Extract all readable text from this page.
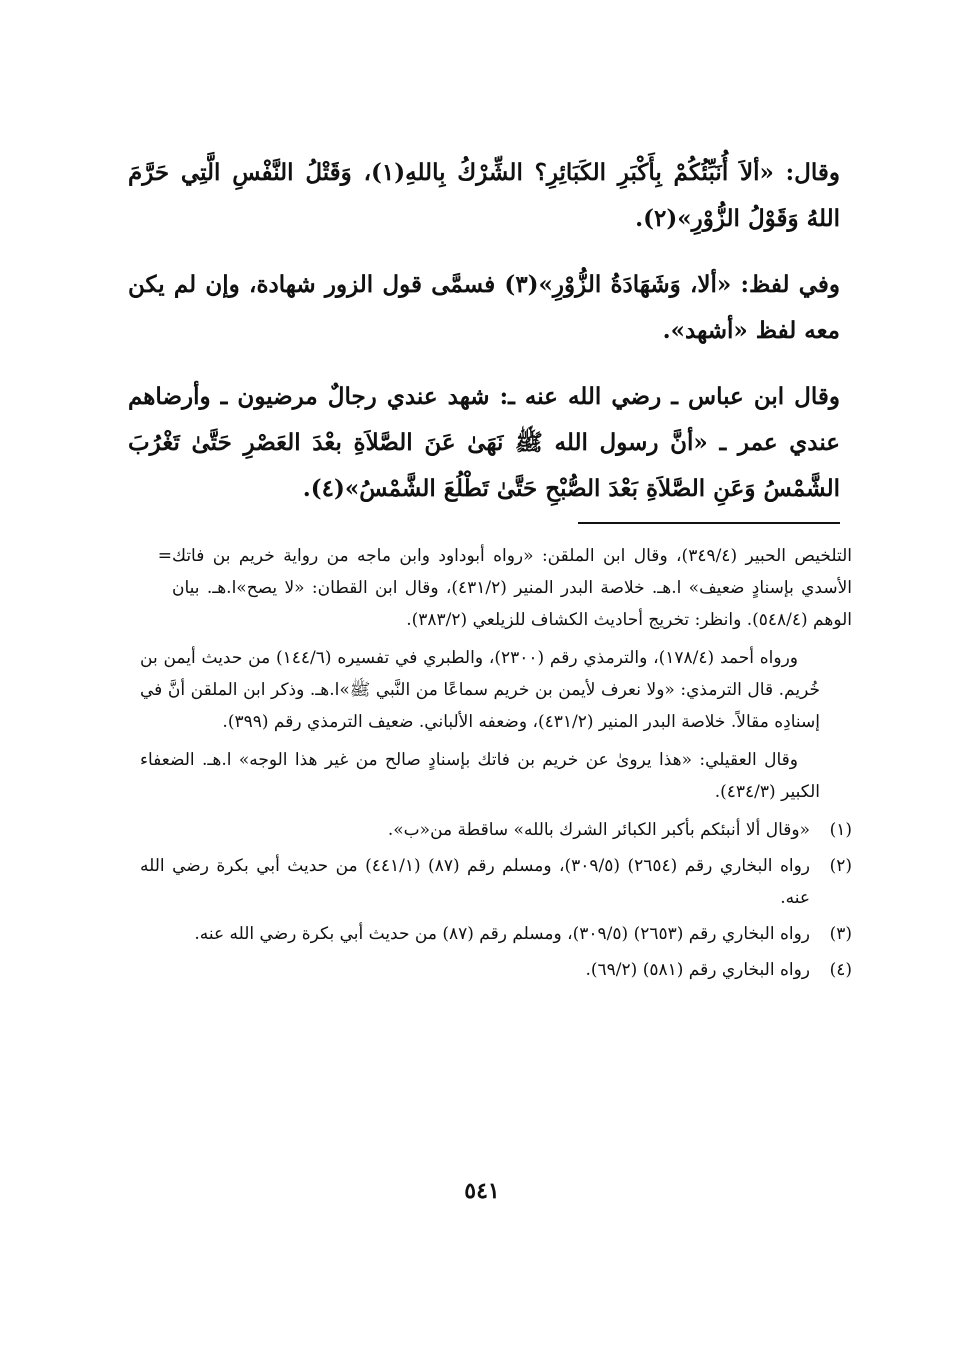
وقال: «ألاَ أُنَبِّئُكُمْ بِأَكْبَرِ الكَبَائِرِ؟ الشِّرْكُ بِاللهِ(١)، وَقَتْلُ النَّفْسِ الَّتِي حَرَّمَ اللهُ وَقَوْلُ الزُّوْرِ»(٢).

وفي لفظ: «ألا، وَشَهَادَةُ الزُّوْرِ»(٣) فسمَّى قول الزور شهادة، وإن لم يكن معه لفظ «أشهد».

وقال ابن عباس ـ رضي الله عنه ـ: شهد عندي رجالٌ مرضيون ـ وأرضاهم عندي عمر ـ «أنَّ رسول الله ﷺ نَهَىٰ عَنَ الصَّلاَةِ بعْدَ العَصْرِ حَتَّىٰ تَغْرُبَ الشَّمْسُ وَعَنِ الصَّلاَةِ بَعْدَ الصُّبْحِ حَتَّىٰ تَطْلُعَ الشَّمْسُ»(٤).

التلخيص الحبير (٣٤٩/٤)، وقال ابن الملقن: «رواه أبوداود وابن ماجه من رواية خريم بن فاتك الأسدي بإسنادٍ ضعيف» ا.هـ. خلاصة البدر المنير (٤٣١/٢)، وقال ابن القطان: «لا يصح»ا.هـ. بيان الوهم (٥٤٨/٤). وانظر: تخريج أحاديث الكشاف للزيلعي (٣٨٣/٢).
=

ورواه أحمد (١٧٨/٤)، والترمذي رقم (٢٣٠٠)، والطبري في تفسيره (١٤٤/٦) من حديث أيمن بن خُريم. قال الترمذي: «ولا نعرف لأيمن بن خريم سماعًا من النَّبي ﷺ»ا.هـ. وذكر ابن الملقن أنَّ في إسنادِه مقالاً. خلاصة البدر المنير (٤٣١/٢)، وضعفه الألباني. ضعيف الترمذي رقم (٣٩٩).

وقال العقيلي: «هذا يروىٰ عن خريم بن فاتك بإسنادٍ صالح من غير هذا الوجه» ا.هـ. الضعفاء الكبير (٤٣٤/٣).

(١)
«وقال ألا أنبئكم بأكبر الكبائر الشرك بالله» ساقطة من«ب».
(٢)
رواه البخاري رقم (٢٦٥٤) (٣٠٩/٥)، ومسلم رقم (٨٧) (٤٤١/١) من حديث أبي بكرة رضي الله عنه.
(٣)
رواه البخاري رقم (٢٦٥٣) (٣٠٩/٥)، ومسلم رقم (٨٧) من حديث أبي بكرة رضي الله عنه.
(٤)
رواه البخاري رقم (٥٨١) (٦٩/٢).
٥٤١
